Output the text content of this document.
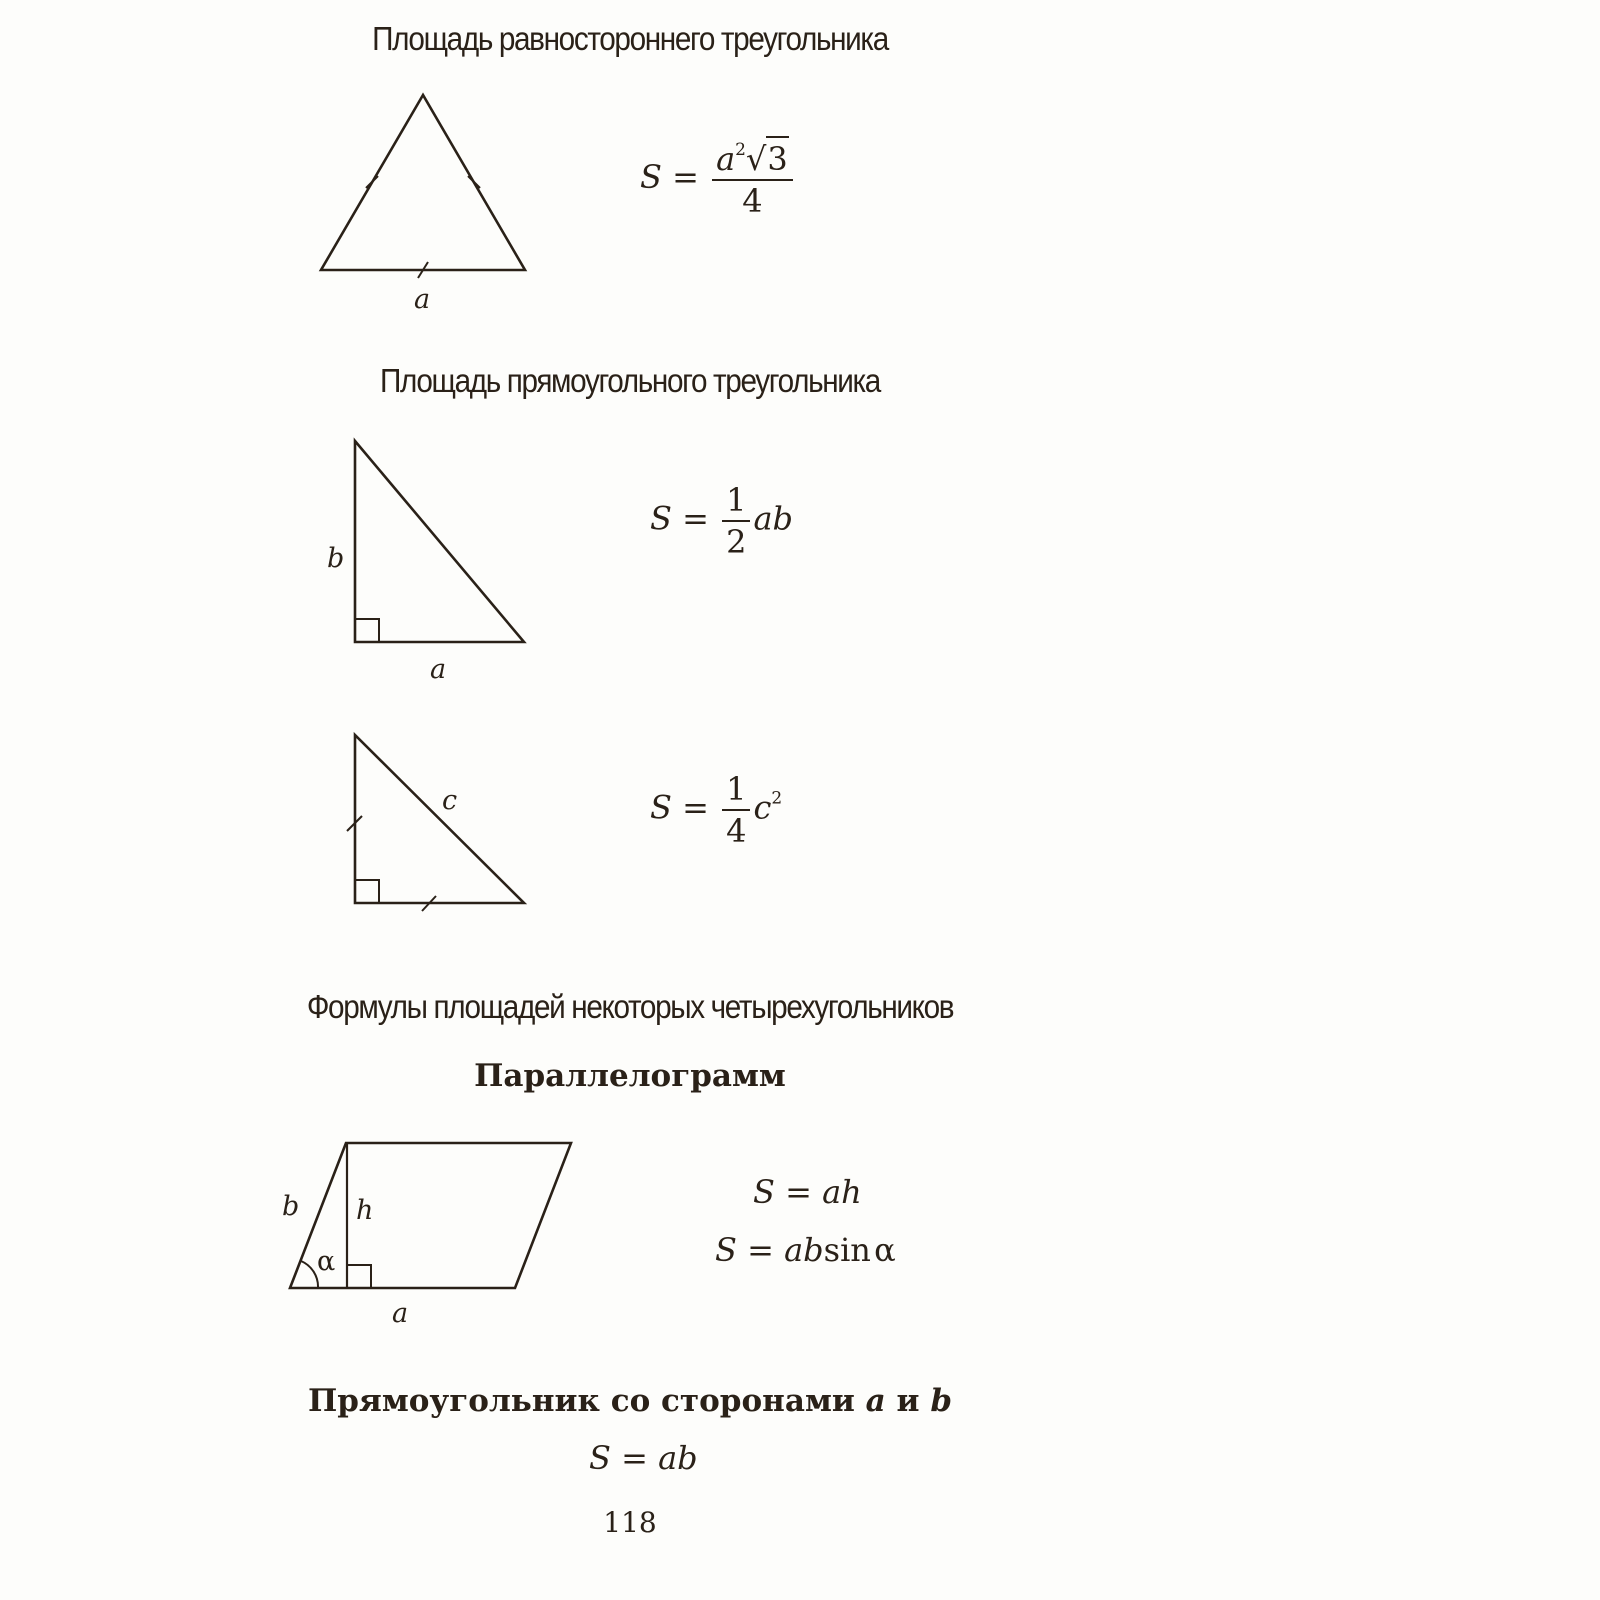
Площадь равностороннего треугольника
a
$S = \frac{a^2√3}{4}$
Площадь прямоугольного треугольника
b
a
$S = \frac{1}{2}$ ab
c	$S = \frac{1}{4} c^2$
Формулы площадей некоторых четырехугольников
Параллелограмм
b h
α
a
S = ah
S = absin α
Прямоугольник со сторонами a и b
S = ab
118
